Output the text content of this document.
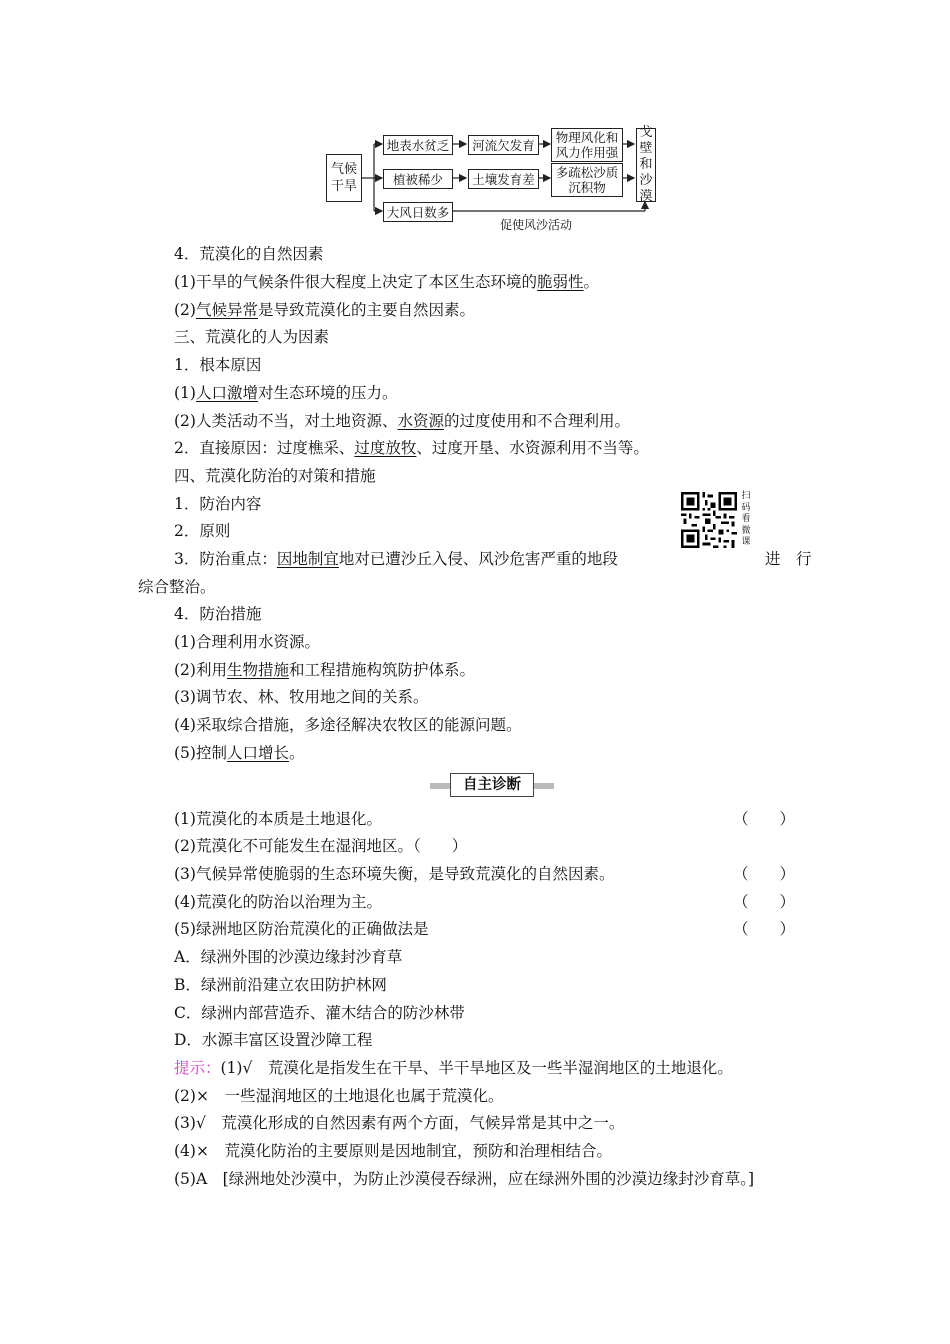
气候干旱
地表水贫乏 河流欠发育 物理风化和风力作用强
植被稀少 土壤发育差 多疏松沙质沉积物
大风日数多
戈壁和沙漠
促使风沙活动
4．荒漠化的自然因素
(1)干旱的气候条件很大程度上决定了本区生态环境的脆弱性。
(2)气候异常是导致荒漠化的主要自然因素。
三、荒漠化的人为因素
1．根本原因
(1)人口激增对生态环境的压力。
(2)人类活动不当，对土地资源、水资源的过度使用和不合理利用。
2．直接原因：过度樵采、过度放牧、过度开垦、水资源利用不当等。
四、荒漠化防治的对策和措施
1．防治内容
2．原则
3．防治重点：因地制宜地对已遭沙丘入侵、风沙危害严重的地段	进　行
综合整治。
4．防治措施
(1)合理利用水资源。
(2)利用生物措施和工程措施构筑防护体系。
(3)调节农、林、牧用地之间的关系。
(4)采取综合措施，多途径解决农牧区的能源问题。
(5)控制人口增长。
扫码看微课
自主诊断
(1)荒漠化的本质是土地退化。	（　　）
(2)荒漠化不可能发生在湿润地区。（　　）
(3)气候异常使脆弱的生态环境失衡，是导致荒漠化的自然因素。	（　　）
(4)荒漠化的防治以治理为主。	（　　）
(5)绿洲地区防治荒漠化的正确做法是	（　　）
A．绿洲外围的沙漠边缘封沙育草
B．绿洲前沿建立农田防护林网
C．绿洲内部营造乔、灌木结合的防沙林带
D．水源丰富区设置沙障工程
提示：(1)√　荒漠化是指发生在干旱、半干旱地区及一些半湿润地区的土地退化。
(2)×　一些湿润地区的土地退化也属于荒漠化。
(3)√　荒漠化形成的自然因素有两个方面，气候异常是其中之一。
(4)×　荒漠化防治的主要原则是因地制宜，预防和治理相结合。
(5)A　[绿洲地处沙漠中，为防止沙漠侵吞绿洲，应在绿洲外围的沙漠边缘封沙育草。]
